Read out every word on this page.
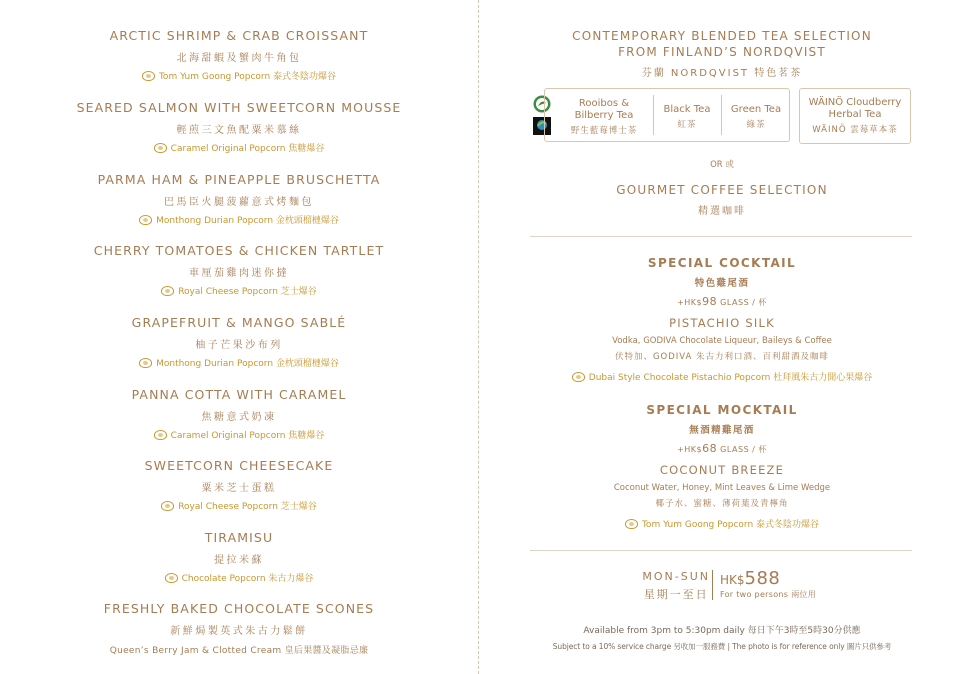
ARCTIC SHRIMP & CRAB CROISSANT
北海甜蝦及蟹肉牛角包
Tom Yum Goong Popcorn 泰式冬陰功爆谷
SEARED SALMON WITH SWEETCORN MOUSSE
輕煎三文魚配粟米慕絲
Caramel Original Popcorn 焦糖爆谷
PARMA HAM & PINEAPPLE BRUSCHETTA
巴馬臣火腿菠蘿意式烤麵包
Monthong Durian Popcorn 金枕頭榴槤爆谷
CHERRY TOMATOES & CHICKEN TARTLET
車厘茄雞肉迷你撻
Royal Cheese Popcorn 芝士爆谷
GRAPEFRUIT & MANGO SABLÉ
柚子芒果沙布列
Monthong Durian Popcorn 金枕頭榴槤爆谷
PANNA COTTA WITH CARAMEL
焦糖意式奶凍
Caramel Original Popcorn 焦糖爆谷
SWEETCORN CHEESECAKE
粟米芝士蛋糕
Royal Cheese Popcorn 芝士爆谷
TIRAMISU
提拉米蘇
Chocolate Popcorn 朱古力爆谷
FRESHLY BAKED CHOCOLATE SCONES
新鮮焗製英式朱古力鬆餅
Queen’s Berry Jam & Clotted Cream 皇后果醬及凝脂忌廉
CONTEMPORARY BLENDED TEA SELECTION
FROM FINLAND’S NORDQVIST
芬蘭 NORDQVIST 特色茗茶
Rooibos &
Bilberry Tea
野生藍莓博士茶
Black Tea
紅茶
Green Tea
綠茶
WÄINÖ Cloudberry
Herbal Tea
WÄINÖ 雲莓草本茶
OR 或
GOURMET COFFEE SELECTION
精選咖啡
SPECIAL COCKTAIL
特色雞尾酒
+HK$98 GLASS / 杯
PISTACHIO SILK
Vodka, GODIVA Chocolate Liqueur, Baileys & Coffee
伏特加、GODIVA 朱古力利口酒、百利甜酒及咖啡
Dubai Style Chocolate Pistachio Popcorn 杜拜風朱古力開心果爆谷
SPECIAL MOCKTAIL
無酒精雞尾酒
+HK$68 GLASS / 杯
COCONUT BREEZE
Coconut Water, Honey, Mint Leaves & Lime Wedge
椰子水、蜜糖、薄荷葉及青檸角
Tom Yum Goong Popcorn 泰式冬陰功爆谷
MON-SUN
星期一至日
HK$588
For two persons 兩位用
Available from 3pm to 5:30pm daily 每日下午3時至5時30分供應
Subject to a 10% service charge 另收加一服務費 | The photo is for reference only 圖片只供參考
